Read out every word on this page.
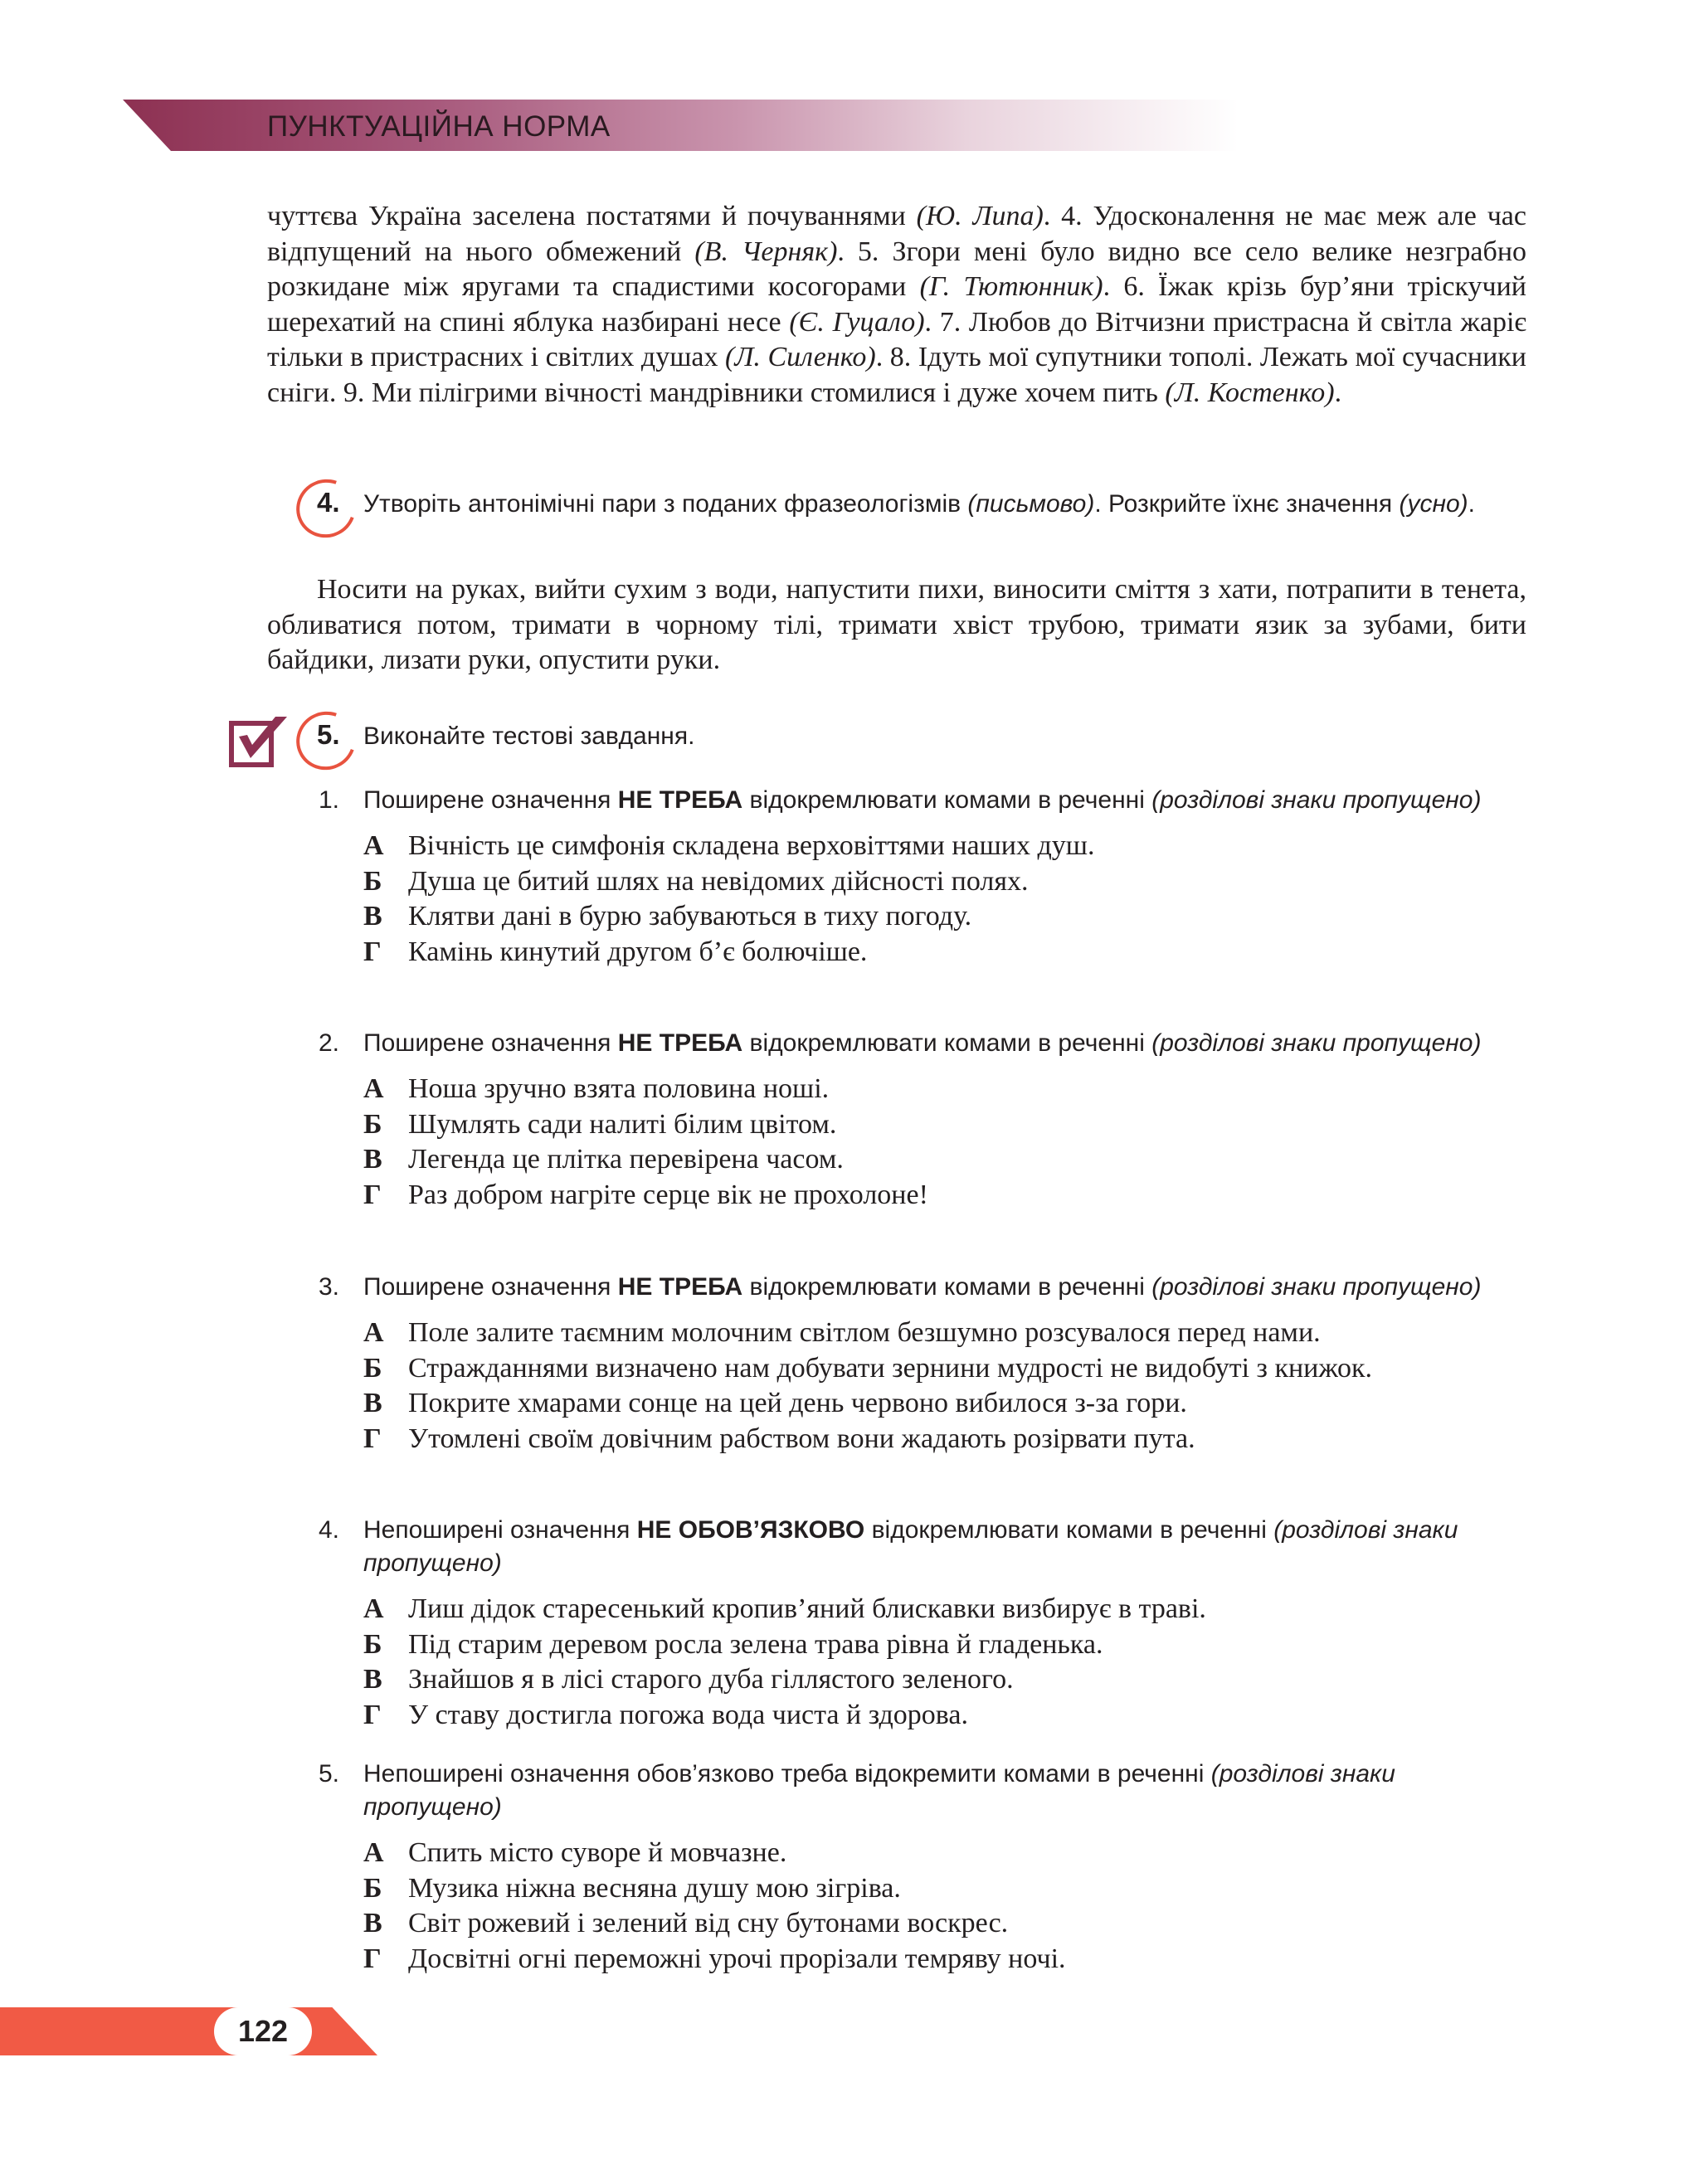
ПУНКТУАЦІЙНА НОРМА

чуттєва Україна заселена постатями й почуваннями (Ю. Липа). 4. Удосконалення не має меж але час відпущений на нього обмежений (В. Черняк). 5. Згори мені було видно все село велике незграбно розкидане між яругами та спадистими косогорами (Г. Тютюнник). 6. Їжак крізь бур’яни тріскучий шерехатий на спині яблука назбирані несе (Є. Гуцало). 7. Любов до Вітчизни пристрасна й світла жаріє тільки в пристрасних і світлих душах (Л. Силенко). 8. Ідуть мої супутники тополі. Лежать мої сучасники сніги. 9. Ми пілігрими вічності мандрівники стомилися і дуже хочем пить (Л. Костенко).

4. Утворіть антонімічні пари з поданих фразеологізмів (письмово). Розкрийте їхнє значення (усно).

Носити на руках, вийти сухим з води, напустити пихи, виносити сміття з хати, потрапити в тенета, обливатися потом, тримати в чорному тілі, тримати хвіст трубою, тримати язик за зубами, бити байдики, лизати руки, опустити руки.

5. Виконайте тестові завдання.
1. Поширене означення НЕ ТРЕБА відокремлювати комами в реченні (розділові знаки пропущено)
А Вічність це симфонія складена верховіттями наших душ.
Б Душа це битий шлях на невідомих дійсності полях.
В Клятви дані в бурю забуваються в тиху погоду.
Г Камінь кинутий другом б’є болючіше.
2. Поширене означення НЕ ТРЕБА відокремлювати комами в реченні (розділові знаки пропущено)
А Ноша зручно взята половина ноші.
Б Шумлять сади налиті білим цвітом.
В Легенда це плітка перевірена часом.
Г Раз добром нагріте серце вік не прохолоне!
3. Поширене означення НЕ ТРЕБА відокремлювати комами в реченні (розділові знаки пропущено)
А Поле залите таємним молочним світлом безшумно розсувалося перед нами.
Б Стражданнями визначено нам добувати зернини мудрості не видобуті з книжок.
В Покрите хмарами сонце на цей день червоно вибилося з-за гори.
Г Утомлені своїм довічним рабством вони жадають розірвати пута.
4. Непоширені означення НЕ ОБОВ’ЯЗКОВО відокремлювати комами в реченні (розділові знаки пропущено)
А Лиш дідок старесенький кропив’яний блискавки визбирує в траві.
Б Під старим деревом росла зелена трава рівна й гладенька.
В Знайшов я в лісі старого дуба гіллястого зеленого.
Г У ставу достигла погожа вода чиста й здорова.
5. Непоширені означення обов’язково треба відокремити комами в реченні (розділові знаки пропущено)
А Спить місто суворе й мовчазне.
Б Музика ніжна весняна душу мою зігріва.
В Світ рожевий і зелений від сну бутонами воскрес.
Г Досвітні огні переможні урочі прорізали темряву ночі.
122
